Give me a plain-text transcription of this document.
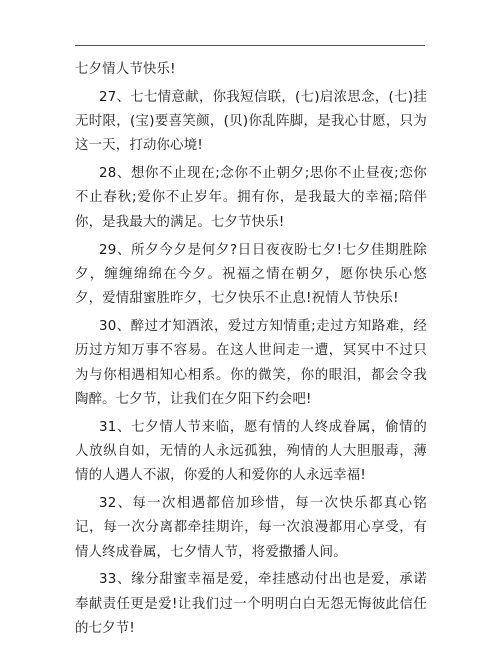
七夕情人节快乐!

27、七七情意献，你我短信联，(七)启浓思念，(七)挂无时限，(宝)要喜笑颜，(贝)你乱阵脚，是我心甘愿，只为这一天，打动你心境!

28、想你不止现在;念你不止朝夕;思你不止昼夜;恋你不止春秋;爱你不止岁年。拥有你，是我最大的幸福;陪伴你，是我最大的满足。七夕节快乐!

29、所夕今夕是何夕?日日夜夜盼七夕!七夕佳期胜除夕，缠缠绵绵在今夕。祝福之情在朝夕，愿你快乐心悠夕，爱情甜蜜胜昨夕，七夕快乐不止息!祝情人节快乐!

30、醉过才知酒浓，爱过方知情重;走过方知路难，经历过方知万事不容易。在这人世间走一遭，冥冥中不过只为与你相遇相知心相系。你的微笑，你的眼泪，都会令我陶醉。七夕节，让我们在夕阳下约会吧!

31、七夕情人节来临，愿有情的人终成眷属，偷情的人放纵自如，无情的人永远孤独，殉情的人大胆服毒，薄情的人遇人不淑，你爱的人和爱你的人永远幸福!

32、每一次相遇都倍加珍惜，每一次快乐都真心铭记，每一次分离都牵挂期许，每一次浪漫都用心享受，有情人终成眷属，七夕情人节，将爱撒播人间。

33、缘分甜蜜幸福是爱，牵挂感动付出也是爱，承诺奉献责任更是爱!让我们过一个明明白白无怨无悔彼此信任的七夕节!
